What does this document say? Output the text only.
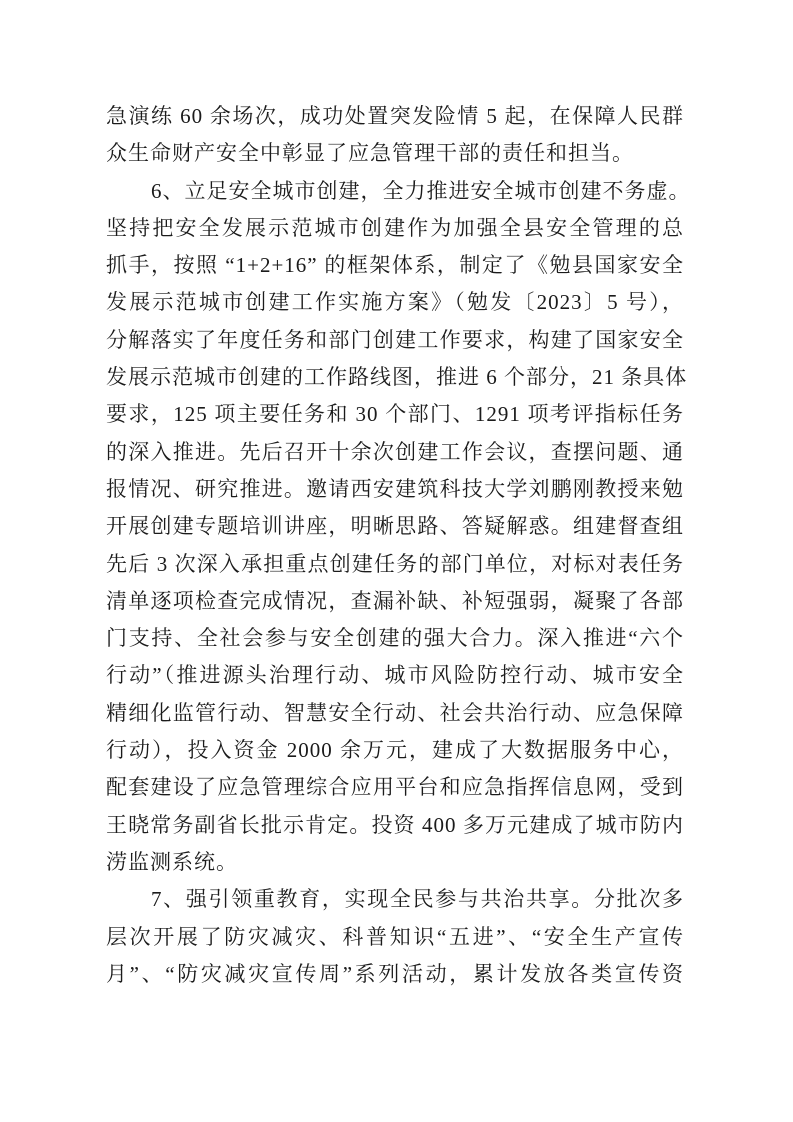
急演练 60 余场次，成功处置突发险情 5 起，在保障人民群
众生命财产安全中彰显了应急管理干部的责任和担当。
6、立足安全城市创建，全力推进安全城市创建不务虚。
坚持把安全发展示范城市创建作为加强全县安全管理的总
抓手，按照 “1+2+16” 的框架体系，制定了《勉县国家安全
发展示范城市创建工作实施方案》（勉发〔2023〕5 号），
分解落实了年度任务和部门创建工作要求，构建了国家安全
发展示范城市创建的工作路线图，推进 6 个部分，21 条具体
要求，125 项主要任务和 30 个部门、1291 项考评指标任务
的深入推进。先后召开十余次创建工作会议，查摆问题、通
报情况、研究推进。邀请西安建筑科技大学刘鹏刚教授来勉
开展创建专题培训讲座，明晰思路、答疑解惑。组建督查组
先后 3 次深入承担重点创建任务的部门单位，对标对表任务
清单逐项检查完成情况，查漏补缺、补短强弱，凝聚了各部
门支持、全社会参与安全创建的强大合力。深入推进“六个
行动”（推进源头治理行动、城市风险防控行动、城市安全
精细化监管行动、智慧安全行动、社会共治行动、应急保障
行动），投入资金 2000 余万元，建成了大数据服务中心，
配套建设了应急管理综合应用平台和应急指挥信息网，受到
王晓常务副省长批示肯定。投资 400 多万元建成了城市防内
涝监测系统。
7、强引领重教育，实现全民参与共治共享。分批次多
层次开展了防灾减灾、科普知识“五进”、“安全生产宣传
月”、“防灾减灾宣传周”系列活动，累计发放各类宣传资
